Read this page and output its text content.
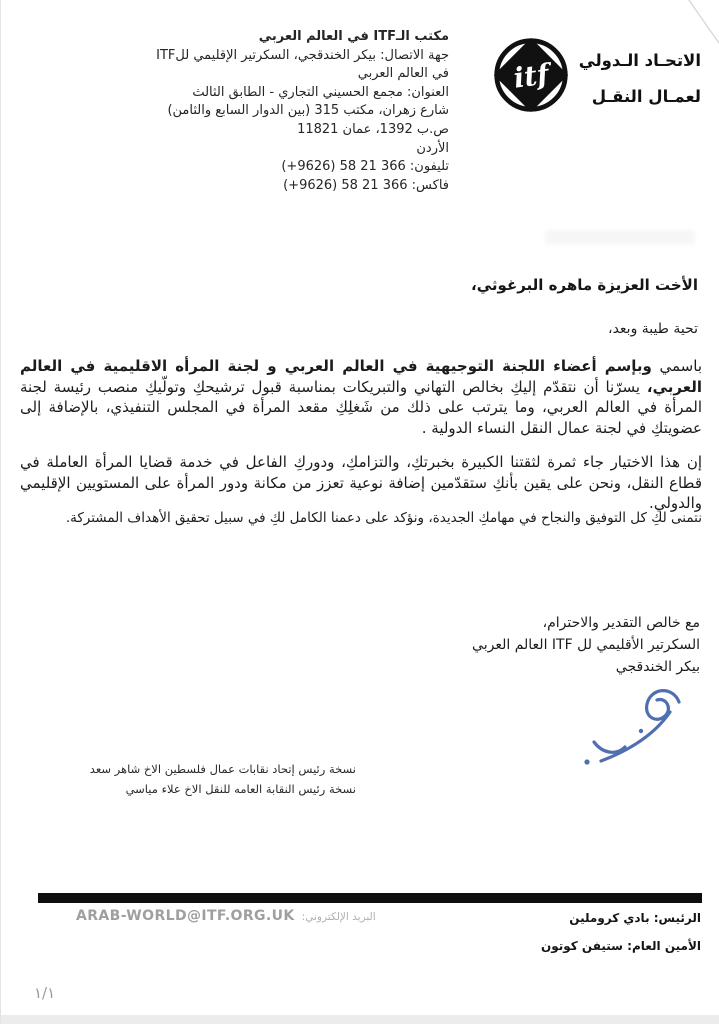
مكتب الـITF في العالم العربي
جهة الاتصال: بيكر الخندقجي، السكرتير الإقليمي للITF
في العالم العربي
العنوان: مجمع الحسيني التجاري - الطابق الثالث
شارع زهران، مكتب 315 (بين الدوار السابع والثامن)
ص.ب 1392، عمان 11821
الأردن
تليفون: (+9626) 58 21 366
فاكس: (+9626) 58 21 366
الاتحـاد الـدولي
لعمـال النقـل
itf
الأخت العزيزة ماهره البرغوثي،
تحية طيبة وبعد،

باسمي وبإسم أعضاء اللجنة التوجيهية في العالم العربي و لجنة المرأه الاقليمية في العالم العربي، يسرّنا أن نتقدّم إليكِ بخالص التهاني والتبريكات بمناسبة قبول ترشيحكِ وتولّيكِ منصب رئيسة لجنة المرأة في العالم العربي، وما يترتب على ذلك من شَغلِكِ مقعد المرأة في المجلس التنفيذي، بالإضافة إلى عضويتكِ في لجنة عمال النقل النساء الدولية .

إن هذا الاختيار جاء ثمرة لثقتنا الكبيرة بخبرتكِ، والتزامكِ، ودوركِ الفاعل في خدمة قضايا المرأة العاملة في قطاع النقل، ونحن على يقين بأنكِ ستقدّمين إضافة نوعية تعزز من مكانة ودور المرأة على المستويين الإقليمي والدولي.

نتمنى لكِ كل التوفيق والنجاح في مهامكِ الجديدة، ونؤكد على دعمنا الكامل لكِ في سبيل تحقيق الأهداف المشتركة.

مع خالص التقدير والاحترام،
السكرتير الأقليمي لل ITF العالم العربي
بيكر الخندقجي
نسخة رئيس إتحاد نقابات عمال فلسطين الاخ شاهر سعد
نسخة رئيس النقابة العامه للنقل الاخ علاء مياسي
ARAB-WORLD@ITF.ORG.UK البريد الإلكتروني:	الرئيس: بادي كروملين
الأمين العام: ستيفن كوتون
١/١
